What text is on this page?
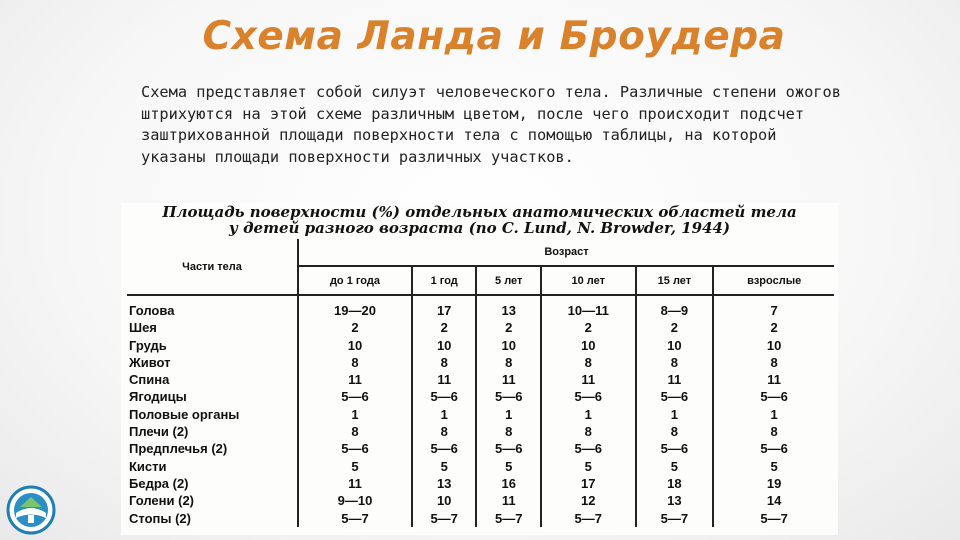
Схема Ланда и Броудера
Схема представляет собой силуэт человеческого тела. Различные степени ожогов штрихуются на этой схеме различным цветом, после чего происходит подсчет заштрихованной площади поверхности тела с помощью таблицы, на которой указаны площади поверхности различных участков.
Площадь поверхности (%) отдельных анатомических областей тела
у детей разного возраста (по C. Lund, N. Browder, 1944)
Части тела	Возраст					
	до 1 года	1 год	5 лет	10 лет	15 лет	взрослые
Голова	19—20	17	13	10—11	8—9	7
Шея	2	2	2	2	2	2
Грудь	10	10	10	10	10	10
Живот	8	8	8	8	8	8
Спина	11	11	11	11	11	11
Ягодицы	5—6	5—6	5—6	5—6	5—6	5—6
Половые органы	1	1	1	1	1	1
Плечи (2)	8	8	8	8	8	8
Предплечья (2)	5—6	5—6	5—6	5—6	5—6	5—6
Кисти	5	5	5	5	5	5
Бедра (2)	11	13	16	17	18	19
Голени (2)	9—10	10	11	12	13	14
Стопы (2)	5—7	5—7	5—7	5—7	5—7	5—7
